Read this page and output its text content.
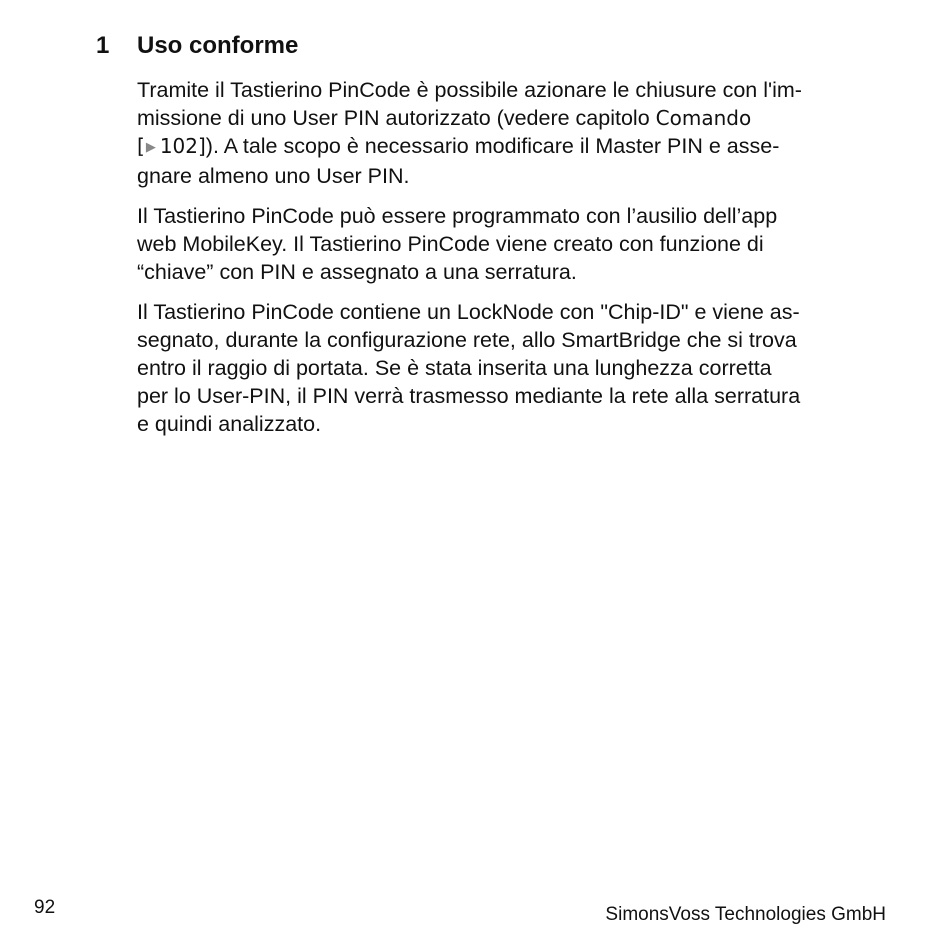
1 Uso conforme

Tramite il Tastierino PinCode è possibile azionare le chiusure con l'im-
missione di uno User PIN autorizzato (vedere capitolo Comando
[▶ 102]). A tale scopo è necessario modificare il Master PIN e asse-
gnare almeno uno User PIN.

Il Tastierino PinCode può essere programmato con l’ausilio dell’app
web MobileKey. Il Tastierino PinCode viene creato con funzione di
“chiave” con PIN e assegnato a una serratura.

Il Tastierino PinCode contiene un LockNode con "Chip-ID" e viene as-
segnato, durante la configurazione rete, allo SmartBridge che si trova
entro il raggio di portata. Se è stata inserita una lunghezza corretta
per lo User-PIN, il PIN verrà trasmesso mediante la rete alla serratura
e quindi analizzato.

92	SimonsVoss Technologies GmbH
